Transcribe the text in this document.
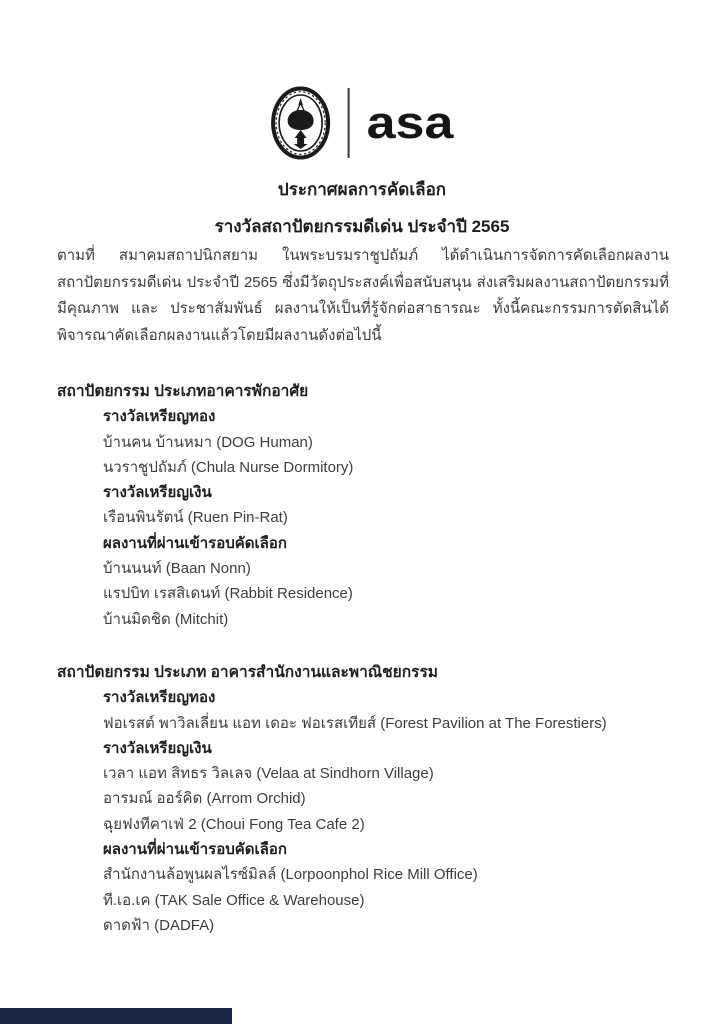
asa
ประกาศผลการคัดเลือก
รางวัลสถาปัตยกรรมดีเด่น ประจำปี 2565
ตามที่ สมาคมสถาปนิกสยาม ในพระบรมราชูปถัมภ์ ได้ดำเนินการจัดการคัดเลือกผลงานสถาปัตยกรรมดีเด่น ประจำปี 2565 ซึ่งมีวัตถุประสงค์เพื่อสนับสนุน ส่งเสริมผลงานสถาปัตยกรรมที่มีคุณภาพ และ ประชาสัมพันธ์ ผลงานให้เป็นที่รู้จักต่อสาธารณะ ทั้งนี้คณะกรรมการตัดสินได้พิจารณาคัดเลือกผลงานแล้วโดยมีผลงานดังต่อไปนี้
สถาปัตยกรรม ประเภทอาคารพักอาศัย
รางวัลเหรียญทอง
บ้านคน บ้านหมา (DOG Human)
นวราชูปถัมภ์ (Chula Nurse Dormitory)
รางวัลเหรียญเงิน
เรือนพินรัตน์ (Ruen Pin-Rat)
ผลงานที่ผ่านเข้ารอบคัดเลือก
บ้านนนท์ (Baan Nonn)
แรปบิท เรสสิเดนท์ (Rabbit Residence)
บ้านมิดชิด (Mitchit)
สถาปัตยกรรม ประเภท อาคารสำนักงานและพาณิชยกรรม
รางวัลเหรียญทอง
ฟอเรสต์ พาวิลเลี่ยน แอท เดอะ ฟอเรสเทียส์ (Forest Pavilion at The Forestiers)
รางวัลเหรียญเงิน
เวลา แอท สิทธร วิลเลจ (Velaa at Sindhorn Village)
อารมณ์ ออร์คิด (Arrom Orchid)
ฉุยฟงทีคาเฟ่ 2 (Choui Fong Tea Cafe 2)
ผลงานที่ผ่านเข้ารอบคัดเลือก
สำนักงานล้อพูนผลไรซ์มิลล์ (Lorpoonphol Rice Mill Office)
ที.เอ.เค (TAK Sale Office & Warehouse)
ดาดฟ้า (DADFA)
